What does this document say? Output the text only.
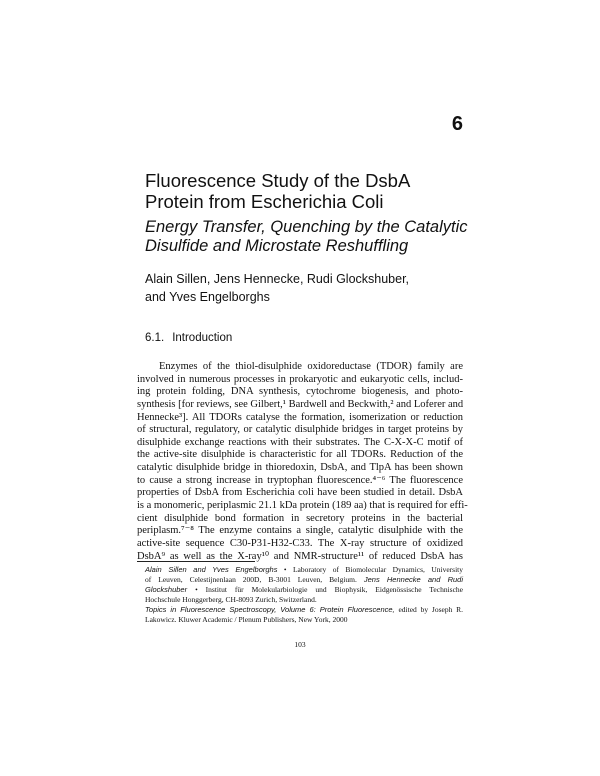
6
Fluorescence Study of the DsbA
Protein from Escherichia Coli
Energy Transfer, Quenching by the Catalytic
Disulfide and Microstate Reshuffling
Alain Sillen, Jens Hennecke, Rudi Glockshuber,
and Yves Engelborghs
6.1. Introduction
Enzymes of the thiol-disulphide oxidoreductase (TDOR) family are
involved in numerous processes in prokaryotic and eukaryotic cells, includ-
ing protein folding, DNA synthesis, cytochrome biogenesis, and photo-
synthesis [for reviews, see Gilbert,¹ Bardwell and Beckwith,² and Loferer and
Hennecke³]. All TDORs catalyse the formation, isomerization or reduction
of structural, regulatory, or catalytic disulphide bridges in target proteins by
disulphide exchange reactions with their substrates. The C-X-X-C motif of
the active-site disulphide is characteristic for all TDORs. Reduction of the
catalytic disulphide bridge in thioredoxin, DsbA, and TlpA has been shown
to cause a strong increase in tryptophan fluorescence.⁴⁻⁶ The fluorescence
properties of DsbA from Escherichia coli have been studied in detail. DsbA
is a monomeric, periplasmic 21.1 kDa protein (189 aa) that is required for effi-
cient disulphide bond formation in secretory proteins in the bacterial
periplasm.⁷⁻⁸ The enzyme contains a single, catalytic disulphide with the
active-site sequence C30-P31-H32-C33. The X-ray structure of oxidized
DsbA⁹ as well as the X-ray¹⁰ and NMR-structure¹¹ of reduced DsbA has
Alain Sillen and Yves Engelborghs • Laboratory of Biomolecular Dynamics, University
of Leuven, Celestijnenlaan 200D, B-3001 Leuven, Belgium. Jens Hennecke and Rudi
Glockshuber • Institut für Molekularbiologie und Biophysik, Eidgenössische Technische
Hochschule Honggerberg, CH-8093 Zurich, Switzerland.
Topics in Fluorescence Spectroscopy, Volume 6: Protein Fluorescence, edited by Joseph R.
Lakowicz. Kluwer Academic / Plenum Publishers, New York, 2000
103
